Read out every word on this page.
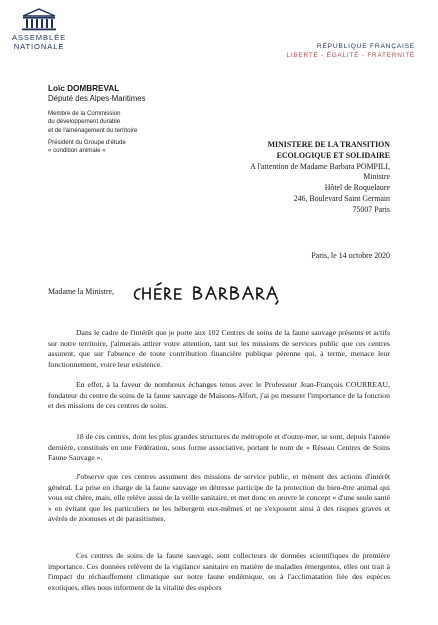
ASSEMBLÉE
NATIONALE	RÉPUBLIQUE FRANÇAISE
LIBERTÉ - ÉGALITÉ - FRATERNITÉ
Loïc DOMBREVAL
Député des Alpes-Maritimes
Membre de la Commission
du développement durable
et de l'aménagement du territoire
Président du Groupe d'étude
« condition animale »
MINISTERE DE LA TRANSITION
ECOLOGIQUE ET SOLIDAIRE
A l'attention de Madame Barbara POMPILI,
Ministre
Hôtel de Roquelaure
246, Boulevard Saint Germain
75007 Paris
Paris, le 14 octobre 2020
Madame la Ministre,
Dans le cadre de l'intérêt que je porte aux 102 Centres de soins de la faune sauvage présents et actifs sur notre territoire, j'aimerais attirer votre attention, tant sur les missions de services public que ces centres assurent, que sur l'absence de toute contribution financière publique pérenne qui, à terme, menace leur fonctionnement, voire leur existence.
En effet, à la faveur de nombreux échanges tenus avec le Professeur Jean-François COURREAU, fondateur du centre de soins de la faune sauvage de Maisons-Alfort, j'ai pu mesurer l'importance de la fonction et des missions de ces centres de soins.
18 de ces centres, dont les plus grandes structures de métropole et d'outre-mer, se sont, depuis l'année dernière, constitués en une Fédération, sous forme associative, portant le nom de « Réseau Centres de Soins Faune Sauvage ».
J'observe que ces centres assument des missions de service public, et mènent des actions d'intérêt général. La prise en charge de la faune sauvage en détresse participe de la protection du bien-être animal qui vous est chère, mais, elle relève aussi de la veille sanitaire, et met donc en œuvre le concept « d'une seule santé » en évitant que les particuliers ne les hébergent eux-mêmes et ne s'exposent ainsi à des risques graves et avérés de zoonoses et de parasitismes.
Ces centres de soins de la faune sauvage, sont collecteurs de données scientifiques de première importance. Ces données relèvent de la vigilance sanitaire en matière de maladies émergentes, elles ont trait à l'impact du réchauffement climatique sur notre faune endémique, ou à l'acclimatation liée des espèces exotiques, elles nous informent de la vitalité des espèces
